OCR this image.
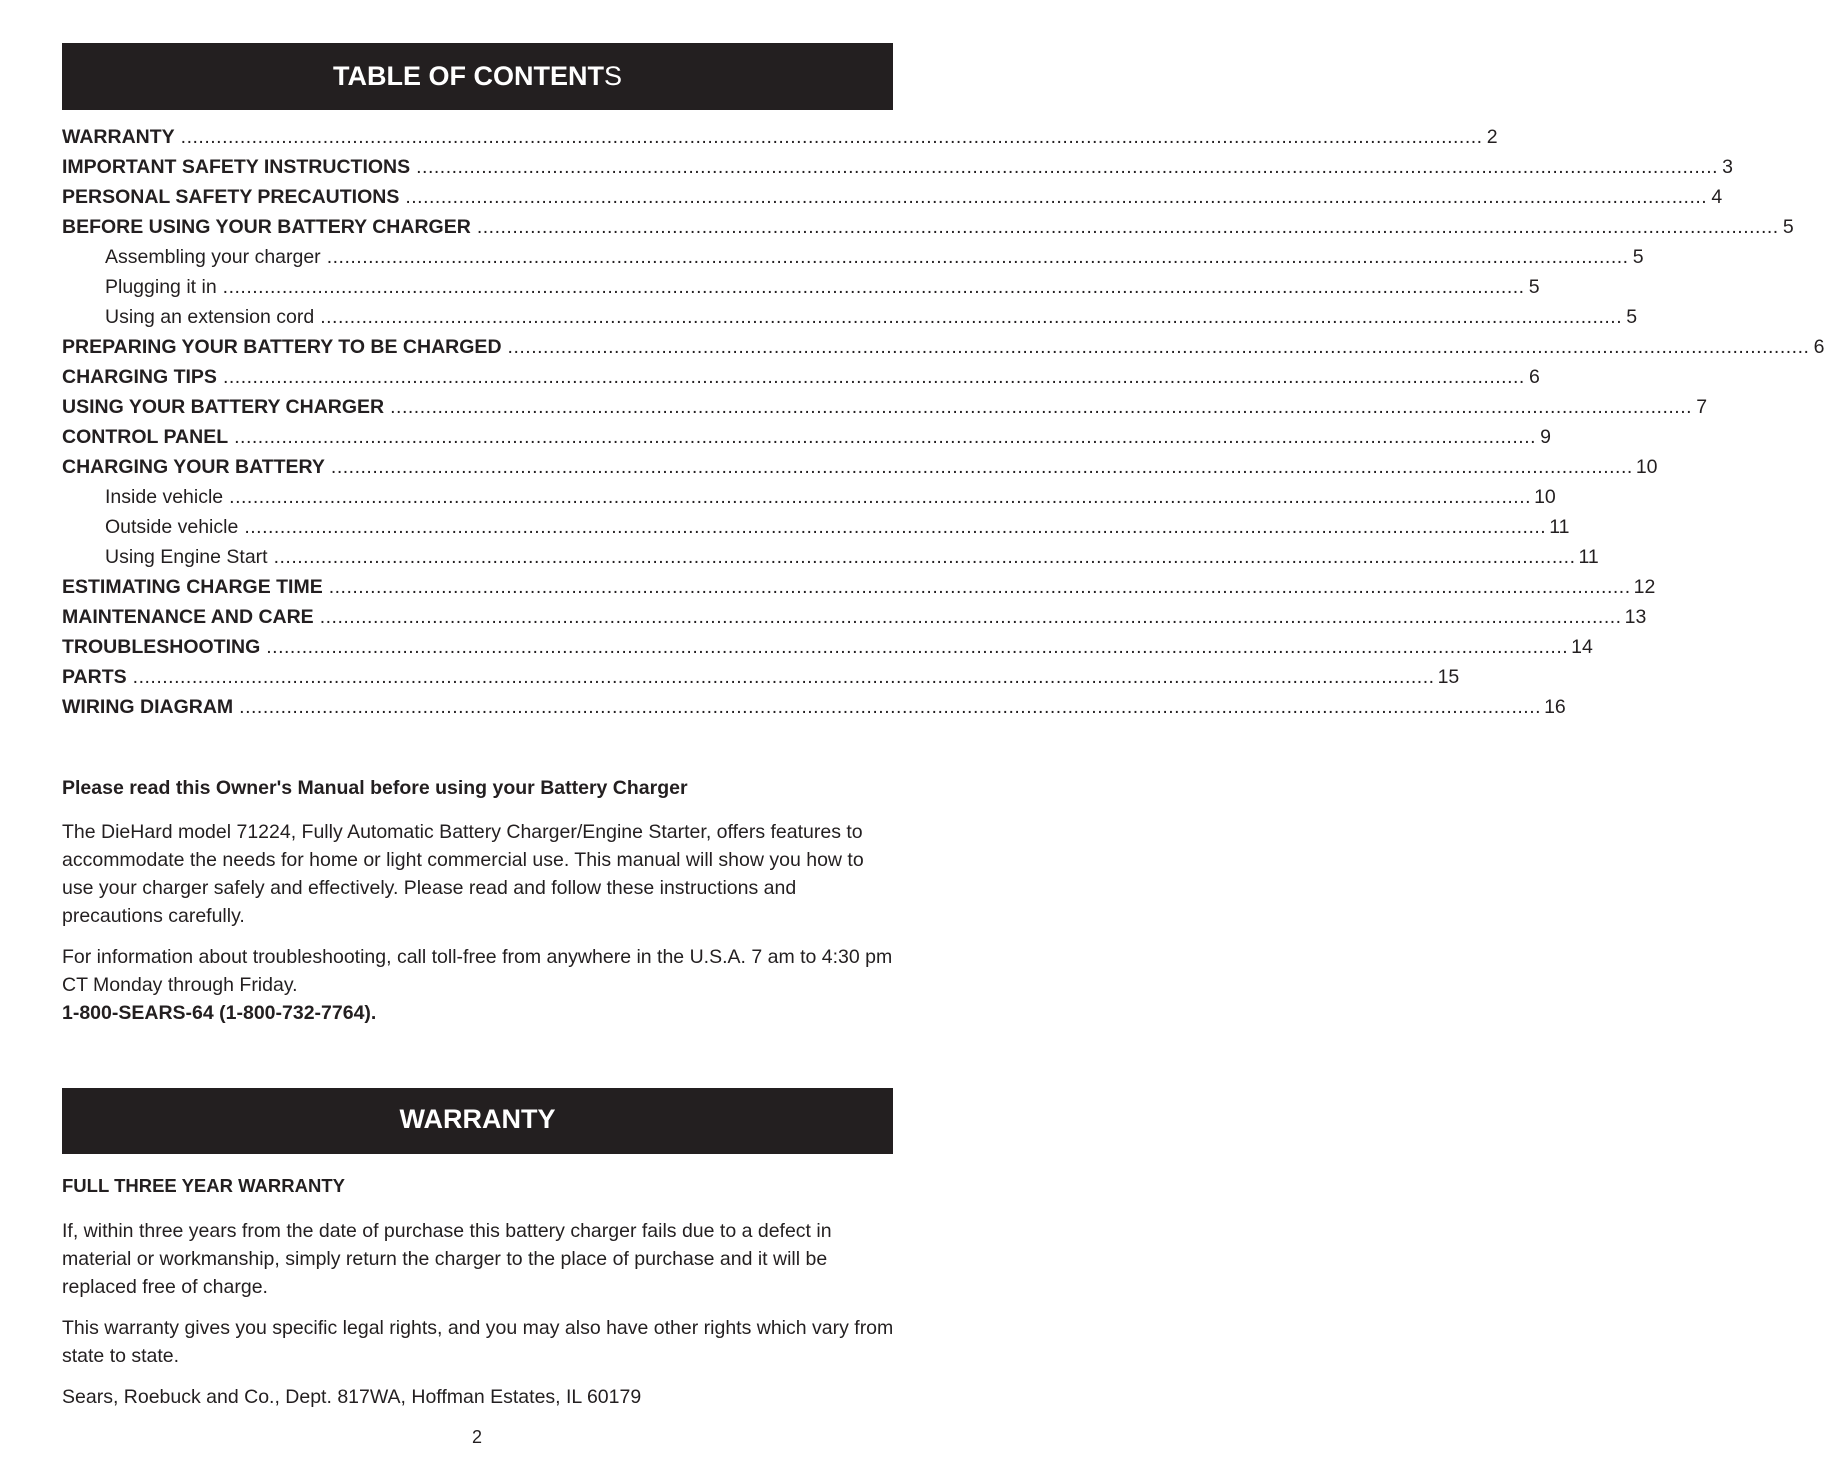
TABLE OF CONTENTS
WARRANTY ............................................................................................................................................................................................................................ 2
IMPORTANT SAFETY INSTRUCTIONS ............................................................................................................................................................................................................................ 3
PERSONAL SAFETY PRECAUTIONS ............................................................................................................................................................................................................................ 4
BEFORE USING YOUR BATTERY CHARGER ............................................................................................................................................................................................................................ 5
Assembling your charger ............................................................................................................................................................................................................................ 5
Plugging it in ............................................................................................................................................................................................................................ 5
Using an extension cord ............................................................................................................................................................................................................................ 5
PREPARING YOUR BATTERY TO BE CHARGED ............................................................................................................................................................................................................................ 6
CHARGING TIPS ............................................................................................................................................................................................................................ 6
USING YOUR BATTERY CHARGER ............................................................................................................................................................................................................................ 7
CONTROL PANEL ............................................................................................................................................................................................................................ 9
CHARGING YOUR BATTERY ............................................................................................................................................................................................................................ 10
Inside vehicle ............................................................................................................................................................................................................................ 10
Outside vehicle ............................................................................................................................................................................................................................ 11
Using Engine Start ............................................................................................................................................................................................................................ 11
ESTIMATING CHARGE TIME ............................................................................................................................................................................................................................ 12
MAINTENANCE AND CARE ............................................................................................................................................................................................................................ 13
TROUBLESHOOTING ............................................................................................................................................................................................................................ 14
PARTS ............................................................................................................................................................................................................................ 15
WIRING DIAGRAM ............................................................................................................................................................................................................................ 16

Please read this Owner's Manual before using your Battery Charger

The DieHard model 71224, Fully Automatic Battery Charger/Engine Starter, offers features to accommodate the needs for home or light commercial use. This manual will show you how to use your charger safely and effectively. Please read and follow these instructions and precautions carefully.

For information about troubleshooting, call toll-free from anywhere in the U.S.A. 7 am to 4:30 pm CT Monday through Friday.

1-800-SEARS-64 (1-800-732-7764).

WARRANTY

FULL THREE YEAR WARRANTY

If, within three years from the date of purchase this battery charger fails due to a defect in material or workmanship, simply return the charger to the place of purchase and it will be replaced free of charge.

This warranty gives you specific legal rights, and you may also have other rights which vary from state to state.

Sears, Roebuck and Co., Dept. 817WA, Hoffman Estates, IL 60179

2
